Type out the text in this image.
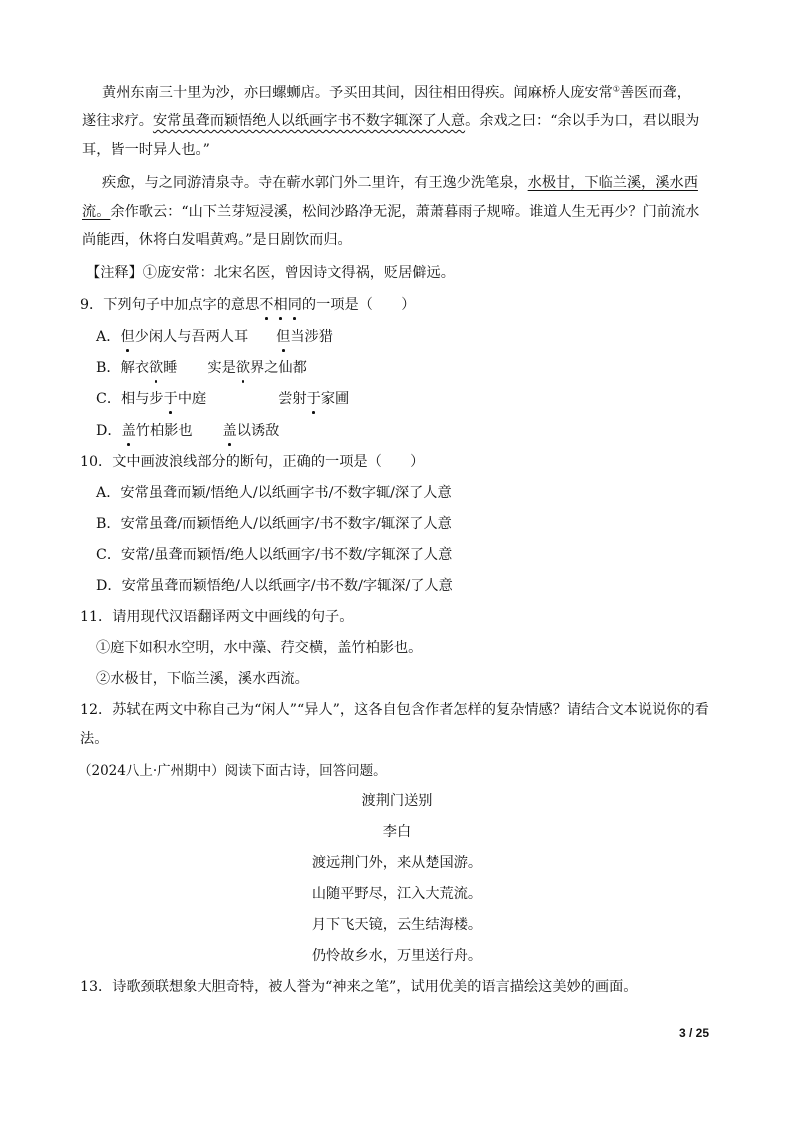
黄州东南三十里为沙，亦曰螺蛳店。予买田其间，因往相田得疾。闻麻桥人庞安常①善医而聋，
遂往求疗。安常虽聋而颖悟绝人以纸画字书不数字辄深了人意。余戏之曰：“余以手为口，君以眼为
耳，皆一时异人也。”
疾愈，与之同游清泉寺。寺在蕲水郭门外二里许，有王逸少洗笔泉，水极甘，下临兰溪，溪水西
流。余作歌云：“山下兰芽短浸溪，松间沙路净无泥，萧萧暮雨子规啼。谁道人生无再少？门前流水
尚能西，休将白发唱黄鸡。”是日剧饮而归。
【注释】①庞安常：北宋名医，曾因诗文得祸，贬居僻远。
9．下列句子中加点字的意思不相同的一项是（　　）
A．但少闲人与吾两人耳 但当涉猎
B．解衣欲睡 实是欲界之仙都
C．相与步于中庭	尝射于家圃
D．盖竹柏影也 盖以诱敌
10．文中画波浪线部分的断句，正确的一项是（　　）
A．安常虽聋而颖/悟绝人/以纸画字书/不数字辄/深了人意
B．安常虽聋/而颖悟绝人/以纸画字/书不数字/辄深了人意
C．安常/虽聋而颖悟/绝人以纸画字/书不数/字辄深了人意
D．安常虽聋而颖悟绝/人以纸画字/书不数/字辄深/了人意
11．请用现代汉语翻译两文中画线的句子。
①庭下如积水空明，水中藻、荇交横，盖竹柏影也。
②水极甘，下临兰溪，溪水西流。
12．苏轼在两文中称自己为“闲人”“异人”，这各自包含作者怎样的复杂情感？请结合文本说说你的看
法。
（2024八上·广州期中）阅读下面古诗，回答问题。
渡荆门送别
李白
渡远荆门外，来从楚国游。
山随平野尽，江入大荒流。
月下飞天镜，云生结海楼。
仍怜故乡水，万里送行舟。
13．诗歌颈联想象大胆奇特，被人誉为“神来之笔”，试用优美的语言描绘这美妙的画面。
3 / 25
